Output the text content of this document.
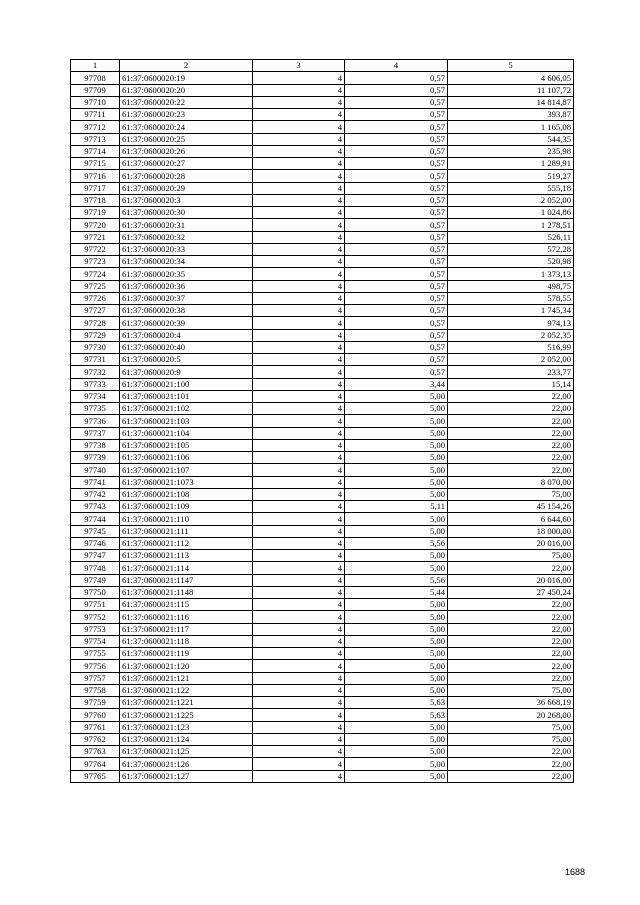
1	2	3	4	5
97708	61:37:0600020:19	4	0,57	4 606,05
97709	61:37:0600020:20	4	0,57	11 107,72
97710	61:37:0600020:22	4	0,57	14 814,87
97711	61:37:0600020:23	4	0,57	393,87
97712	61:37:0600020:24	4	0,57	1 165,08
97713	61:37:0600020:25	4	0,57	544,35
97714	61:37:0600020:26	4	0,57	235,98
97715	61:37:0600020:27	4	0,57	1 289,91
97716	61:37:0600020:28	4	0,57	519,27
97717	61:37:0600020:29	4	0,57	555,18
97718	61:37:0600020:3	4	0,57	2 052,00
97719	61:37:0600020:30	4	0,57	1 024,86
97720	61:37:0600020:31	4	0,57	1 278,51
97721	61:37:0600020:32	4	0,57	526,11
97722	61:37:0600020:33	4	0,57	572,28
97723	61:37:0600020:34	4	0,57	520,98
97724	61:37:0600020:35	4	0,57	1 373,13
97725	61:37:0600020:36	4	0,57	498,75
97726	61:37:0600020:37	4	0,57	578,55
97727	61:37:0600020:38	4	0,57	1 745,34
97728	61:37:0600020:39	4	0,57	974,13
97729	61:37:0600020:4	4	0,57	2 052,35
97730	61:37:0600020:40	4	0,57	516,99
97731	61:37:0600020:5	4	0,57	2 052,00
97732	61:37:0600020:9	4	0,57	233,77
97733	61:37:0600021:100	4	3,44	15,14
97734	61:37:0600021:101	4	5,00	22,00
97735	61:37:0600021:102	4	5,00	22,00
97736	61:37:0600021:103	4	5,00	22,00
97737	61:37:0600021:104	4	5,00	22,00
97738	61:37:0600021:105	4	5,00	22,00
97739	61:37:0600021:106	4	5,00	22,00
97740	61:37:0600021:107	4	5,00	22,00
97741	61:37:0600021:1073	4	5,00	8 070,00
97742	61:37:0600021:108	4	5,00	75,00
97743	61:37:0600021:109	4	5,11	45 154,26
97744	61:37:0600021:110	4	5,00	6 644,60
97745	61:37:0600021:111	4	5,00	18 000,00
97746	61:37:0600021:112	4	5,56	20 016,00
97747	61:37:0600021:113	4	5,00	75,00
97748	61:37:0600021:114	4	5,00	22,00
97749	61:37:0600021:1147	4	5,56	20 016,00
97750	61:37:0600021:1148	4	5,44	27 450,24
97751	61:37:0600021:115	4	5,00	22,00
97752	61:37:0600021:116	4	5,00	22,00
97753	61:37:0600021:117	4	5,00	22,00
97754	61:37:0600021:118	4	5,00	22,00
97755	61:37:0600021:119	4	5,00	22,00
97756	61:37:0600021:120	4	5,00	22,00
97757	61:37:0600021:121	4	5,00	22,00
97758	61:37:0600021:122	4	5,00	75,00
97759	61:37:0600021:1221	4	5,63	36 668,19
97760	61:37:0600021:1225	4	5,63	20 268,00
97761	61:37:0600021:123	4	5,00	75,00
97762	61:37:0600021:124	4	5,00	75,00
97763	61:37:0600021:125	4	5,00	22,00
97764	61:37:0600021:126	4	5,00	22,00
97765	61:37:0600021:127	4	5,00	22,00
1688
